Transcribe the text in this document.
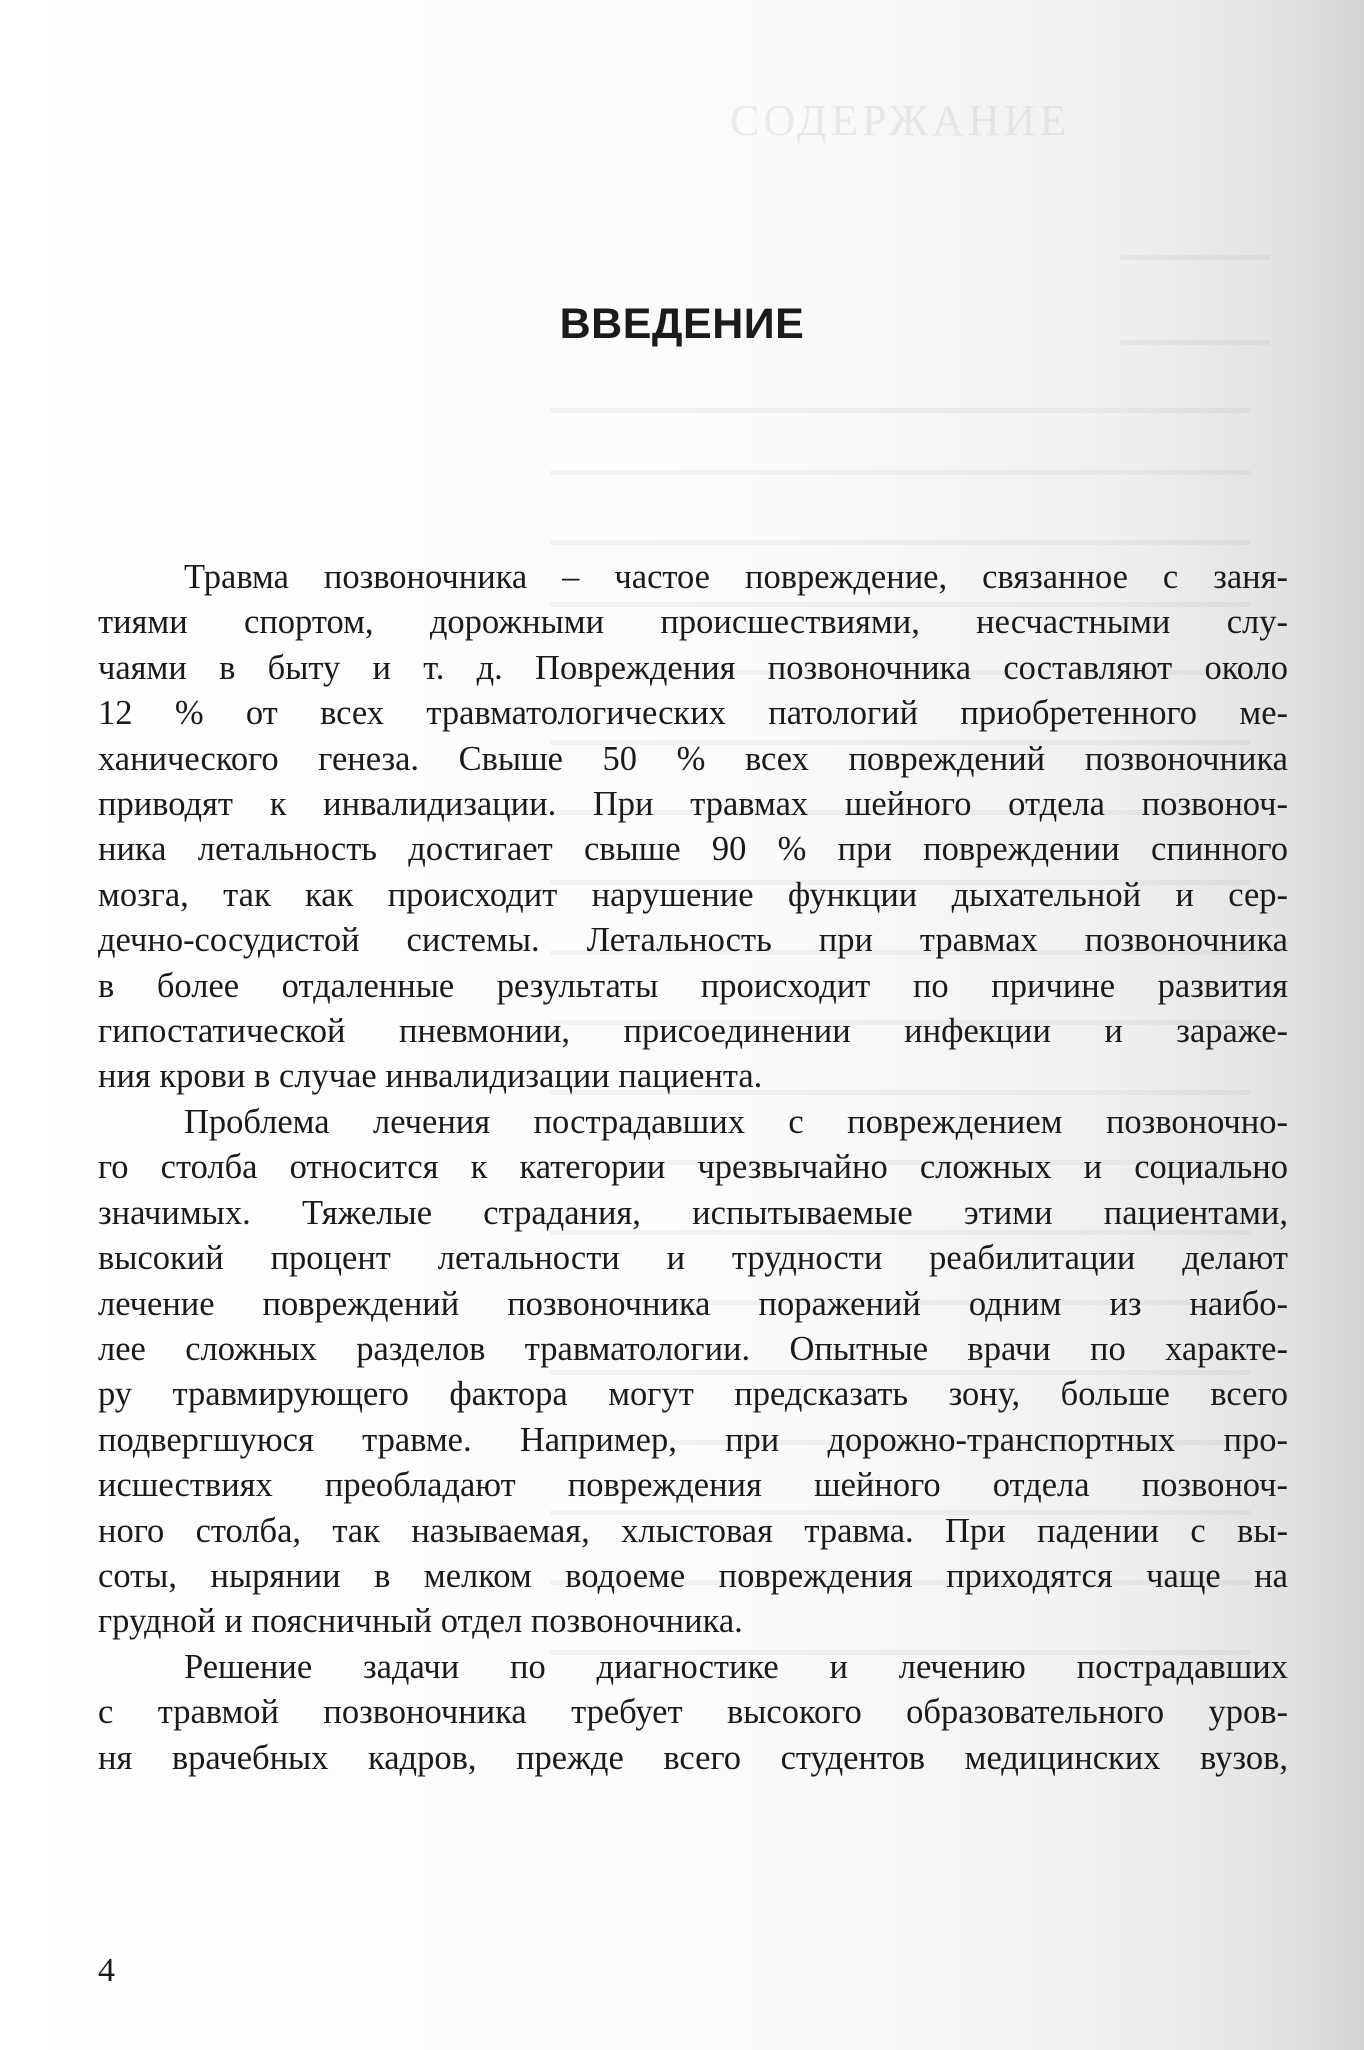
СОДЕРЖАНИЕ
ВВЕДЕНИЕ

Травма позвоночника – частое повреждение, связанное с заня-
тиями спортом, дорожными происшествиями, несчастными слу-
чаями в быту и т. д. Повреждения позвоночника составляют около
12 % от всех травматологических патологий приобретенного ме-
ханического генеза. Свыше 50 % всех повреждений позвоночника
приводят к инвалидизации. При травмах шейного отдела позвоноч-
ника летальность достигает свыше 90 % при повреждении спинного
мозга, так как происходит нарушение функции дыхательной и сер-
дечно-сосудистой системы. Летальность при травмах позвоночника
в более отдаленные результаты происходит по причине развития
гипостатической пневмонии, присоединении инфекции и зараже-
ния крови в случае инвалидизации пациента.

Проблема лечения пострадавших с повреждением позвоночно-
го столба относится к категории чрезвычайно сложных и социально
значимых. Тяжелые страдания, испытываемые этими пациентами,
высокий процент летальности и трудности реабилитации делают
лечение повреждений позвоночника поражений одним из наибо-
лее сложных разделов травматологии. Опытные врачи по характе-
ру травмирующего фактора могут предсказать зону, больше всего
подвергшуюся травме. Например, при дорожно-транспортных про-
исшествиях преобладают повреждения шейного отдела позвоноч-
ного столба, так называемая, хлыстовая травма. При падении с вы-
соты, нырянии в мелком водоеме повреждения приходятся чаще на
грудной и поясничный отдел позвоночника.

Решение задачи по диагностике и лечению пострадавших
с травмой позвоночника требует высокого образовательного уров-
ня врачебных кадров, прежде всего студентов медицинских вузов,

4
